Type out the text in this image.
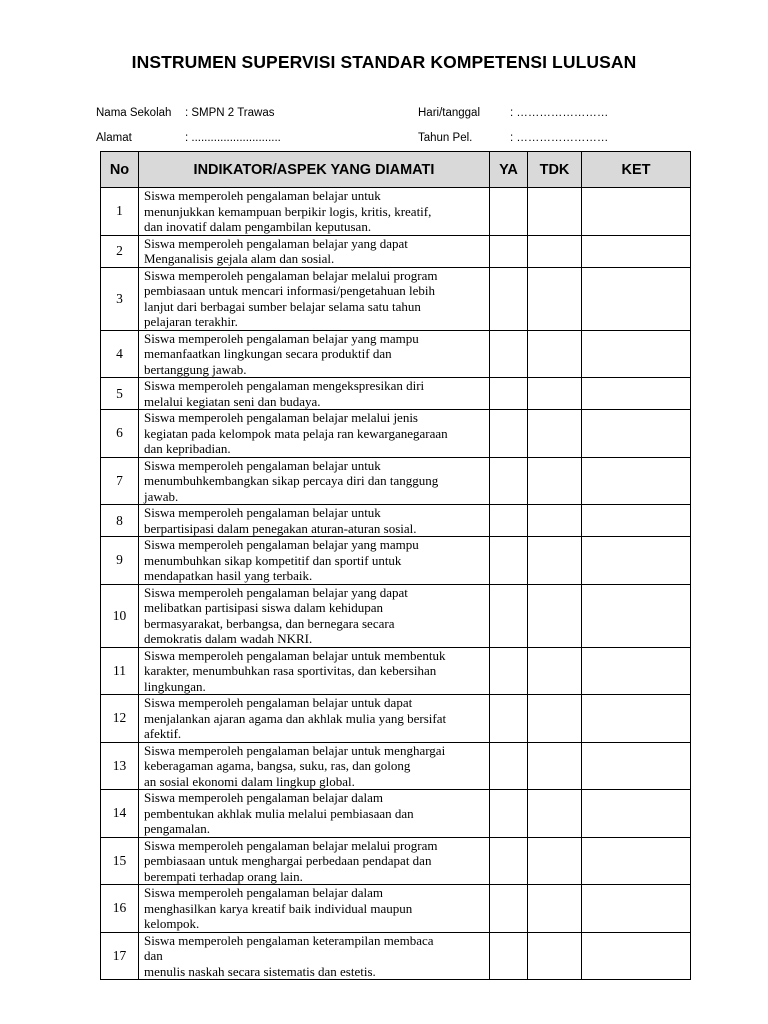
INSTRUMEN SUPERVISI STANDAR KOMPETENSI LULUSAN
Nama Sekolah : SMPN 2 Trawas	Hari/tanggal	: ……………………
Alamat	: ............................	Tahun Pel.	: ……………………
No	INDIKATOR/ASPEK YANG DIAMATI	YA	TDK	KET
1	Siswa memperoleh pengalaman belajar untuk
menunjukkan kemampuan berpikir logis, kritis, kreatif,
dan inovatif dalam pengambilan keputusan.			
2	Siswa memperoleh pengalaman belajar yang dapat
Menganalisis gejala alam dan sosial.			
3	Siswa memperoleh pengalaman belajar melalui program
pembiasaan untuk mencari informasi/pengetahuan lebih
lanjut dari berbagai sumber belajar selama satu tahun
pelajaran terakhir.			
4	Siswa memperoleh pengalaman belajar yang mampu
memanfaatkan lingkungan secara produktif dan
bertanggung jawab.			
5	Siswa memperoleh pengalaman mengekspresikan diri
melalui kegiatan seni dan budaya.			
6	Siswa memperoleh pengalaman belajar melalui jenis
kegiatan pada kelompok mata pelaja ran kewarganegaraan
dan kepribadian.			
7	Siswa memperoleh pengalaman belajar untuk
menumbuhkembangkan sikap percaya diri dan tanggung
jawab.			
8	Siswa memperoleh pengalaman belajar untuk
berpartisipasi dalam penegakan aturan-aturan sosial.			
9	Siswa memperoleh pengalaman belajar yang mampu
menumbuhkan sikap kompetitif dan sportif untuk
mendapatkan hasil yang terbaik.			
10	Siswa memperoleh pengalaman belajar yang dapat
melibatkan partisipasi siswa dalam kehidupan
bermasyarakat, berbangsa, dan bernegara secara
demokratis dalam wadah NKRI.			
11	Siswa memperoleh pengalaman belajar untuk membentuk
karakter, menumbuhkan rasa sportivitas, dan kebersihan
lingkungan.			
12	Siswa memperoleh pengalaman belajar untuk dapat
menjalankan ajaran agama dan akhlak mulia yang bersifat
afektif.			
13	Siswa memperoleh pengalaman belajar untuk menghargai
keberagaman agama, bangsa, suku, ras, dan golong
an sosial ekonomi dalam lingkup global.			
14	Siswa memperoleh pengalaman belajar dalam
pembentukan akhlak mulia melalui pembiasaan dan
pengamalan.			
15	Siswa memperoleh pengalaman belajar melalui program
pembiasaan untuk menghargai perbedaan pendapat dan
berempati terhadap orang lain.			
16	Siswa memperoleh pengalaman belajar dalam
menghasilkan karya kreatif baik individual maupun
kelompok.			
17	Siswa memperoleh pengalaman keterampilan membaca
dan
menulis naskah secara sistematis dan estetis.			
